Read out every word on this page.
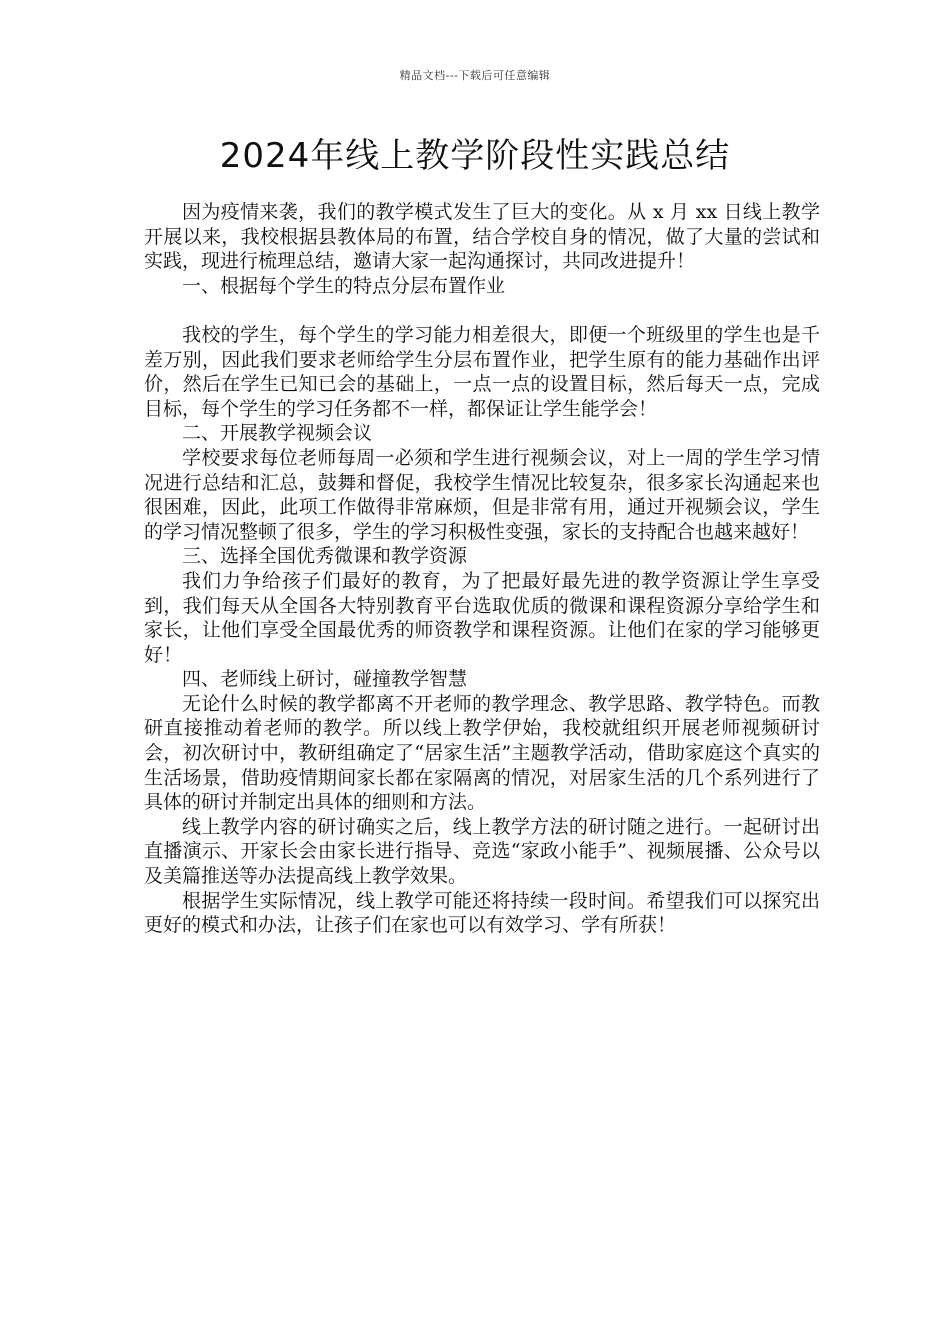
精品文档---下载后可任意编辑
2024年线上教学阶段性实践总结

因为疫情来袭，我们的教学模式发生了巨大的变化。从 x 月 xx 日线上教学开展以来，我校根据县教体局的布置，结合学校自身的情况，做了大量的尝试和实践，现进行梳理总结，邀请大家一起沟通探讨，共同改进提升！

一、根据每个学生的特点分层布置作业

我校的学生，每个学生的学习能力相差很大，即便一个班级里的学生也是千差万别，因此我们要求老师给学生分层布置作业，把学生原有的能力基础作出评价，然后在学生已知已会的基础上，一点一点的设置目标，然后每天一点，完成目标，每个学生的学习任务都不一样，都保证让学生能学会！

二、开展教学视频会议

学校要求每位老师每周一必须和学生进行视频会议，对上一周的学生学习情况进行总结和汇总，鼓舞和督促，我校学生情况比较复杂，很多家长沟通起来也很困难，因此，此项工作做得非常麻烦，但是非常有用，通过开视频会议，学生的学习情况整顿了很多，学生的学习积极性变强，家长的支持配合也越来越好！

三、选择全国优秀微课和教学资源

我们力争给孩子们最好的教育，为了把最好最先进的教学资源让学生享受到，我们每天从全国各大特别教育平台选取优质的微课和课程资源分享给学生和家长，让他们享受全国最优秀的师资教学和课程资源。让他们在家的学习能够更好！

四、老师线上研讨，碰撞教学智慧

无论什么时候的教学都离不开老师的教学理念、教学思路、教学特色。而教研直接推动着老师的教学。所以线上教学伊始，我校就组织开展老师视频研讨会，初次研讨中，教研组确定了“居家生活”主题教学活动，借助家庭这个真实的生活场景，借助疫情期间家长都在家隔离的情况，对居家生活的几个系列进行了具体的研讨并制定出具体的细则和方法。

线上教学内容的研讨确实之后，线上教学方法的研讨随之进行。一起研讨出直播演示、开家长会由家长进行指导、竞选“家政小能手”、视频展播、公众号以及美篇推送等办法提高线上教学效果。

根据学生实际情况，线上教学可能还将持续一段时间。希望我们可以探究出更好的模式和办法，让孩子们在家也可以有效学习、学有所获！
